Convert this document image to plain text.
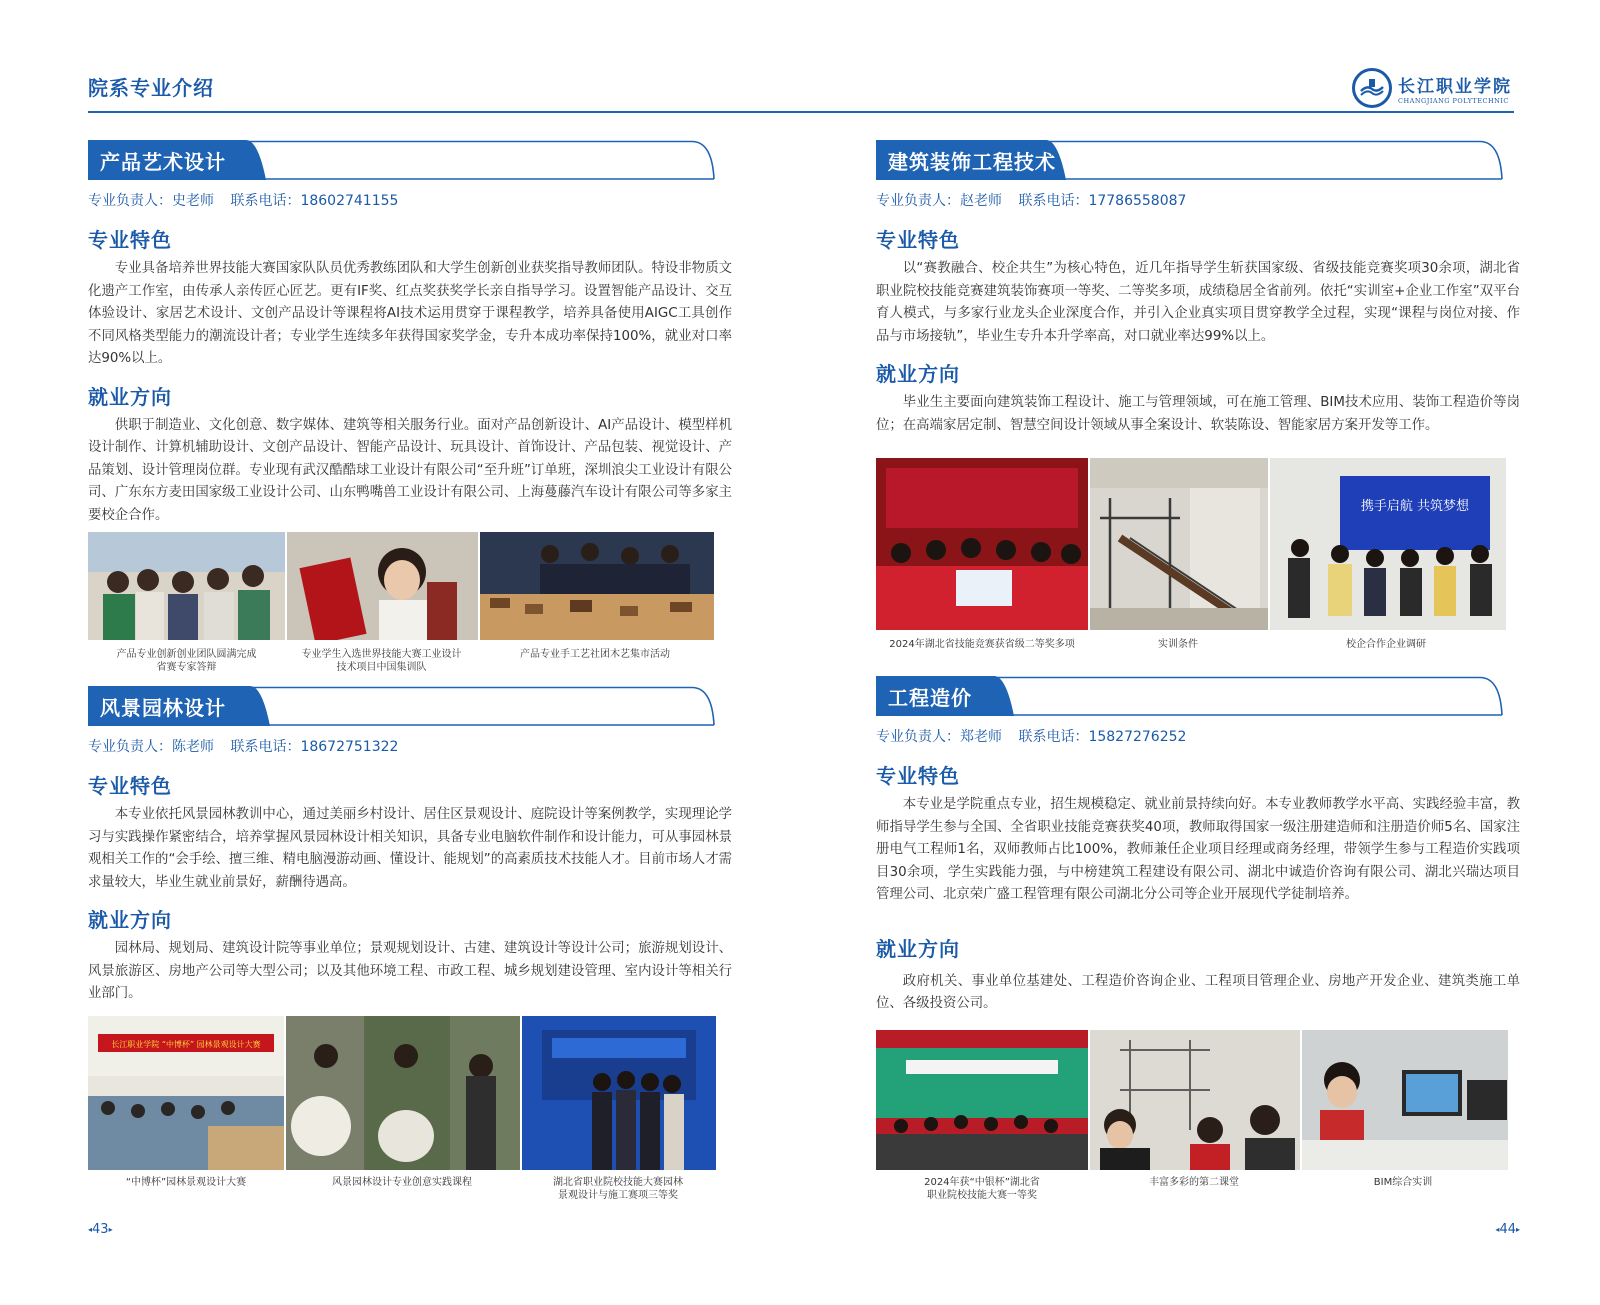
院系专业介绍	长江职业学院
CHANGJIANG POLYTECHNIC
产品艺术设计
专业负责人：史老师 联系电话：18602741155
专业特色
专业具备培养世界技能大赛国家队队员优秀教练团队和大学生创新创业获奖指导教师团队。特设非物质文化遗产工作室，由传承人亲传匠心匠艺。更有IF奖、红点奖获奖学长亲自指导学习。设置智能产品设计、交互体验设计、家居艺术设计、文创产品设计等课程将AI技术运用贯穿于课程教学，培养具备使用AIGC工具创作不同风格类型能力的潮流设计者；专业学生连续多年获得国家奖学金，专升本成功率保持100%，就业对口率达90%以上。
就业方向
供职于制造业、文化创意、数字媒体、建筑等相关服务行业。面对产品创新设计、AI产品设计、模型样机设计制作、计算机辅助设计、文创产品设计、智能产品设计、玩具设计、首饰设计、产品包装、视觉设计、产品策划、设计管理岗位群。专业现有武汉酷酷球工业设计有限公司“至升班”订单班，深圳浪尖工业设计有限公司、广东东方麦田国家级工业设计公司、山东鸭嘴兽工业设计有限公司、上海蔓藤汽车设计有限公司等多家主要校企合作。
产品专业创新创业团队圆满完成
省赛专家答辩
专业学生入选世界技能大赛工业设计
技术项目中国集训队
产品专业手工艺社团木艺集市活动
风景园林设计
专业负责人：陈老师 联系电话：18672751322
专业特色
本专业依托风景园林教训中心，通过美丽乡村设计、居住区景观设计、庭院设计等案例教学，实现理论学习与实践操作紧密结合，培养掌握风景园林设计相关知识，具备专业电脑软件制作和设计能力，可从事园林景观相关工作的“会手绘、擅三维、精电脑漫游动画、懂设计、能规划”的高素质技术技能人才。目前市场人才需求量较大，毕业生就业前景好，薪酬待遇高。
就业方向
园林局、规划局、建筑设计院等事业单位；景观规划设计、古建、建筑设计等设计公司；旅游规划设计、风景旅游区、房地产公司等大型公司；以及其他环境工程、市政工程、城乡规划建设管理、室内设计等相关行业部门。
长江职业学院 “中博杯” 园林景观设计大赛
“中博杯”园林景观设计大赛	风景园林设计专业创意实践课程	湖北省职业院校技能大赛园林
景观设计与施工赛项三等奖
◂43▸
建筑装饰工程技术
专业负责人：赵老师 联系电话：17786558087
专业特色
以“赛教融合、校企共生”为核心特色，近几年指导学生斩获国家级、省级技能竞赛奖项30余项，湖北省职业院校技能竞赛建筑装饰赛项一等奖、二等奖多项，成绩稳居全省前列。依托“实训室+企业工作室”双平台育人模式，与多家行业龙头企业深度合作，并引入企业真实项目贯穿教学全过程，实现“课程与岗位对接、作品与市场接轨”，毕业生专升本升学率高，对口就业率达99%以上。
就业方向
毕业生主要面向建筑装饰工程设计、施工与管理领域，可在施工管理、BIM技术应用、装饰工程造价等岗位；在高端家居定制、智慧空间设计领域从事全案设计、软装陈设、智能家居方案开发等工作。
携手启航 共筑梦想
2024年湖北省技能竞赛获省级二等奖多项	实训条件	校企合作企业调研
工程造价
专业负责人：郑老师 联系电话：15827276252
专业特色
本专业是学院重点专业，招生规模稳定、就业前景持续向好。本专业教师教学水平高、实践经验丰富，教师指导学生参与全国、全省职业技能竞赛获奖40项，教师取得国家一级注册建造师和注册造价师5名、国家注册电气工程师1名，双师教师占比100%，教师兼任企业项目经理或商务经理，带领学生参与工程造价实践项目30余项，学生实践能力强，与中榜建筑工程建设有限公司、湖北中诚造价咨询有限公司、湖北兴瑞达项目管理公司、北京荣广盛工程管理有限公司湖北分公司等企业开展现代学徒制培养。
就业方向
政府机关、事业单位基建处、工程造价咨询企业、工程项目管理企业、房地产开发企业、建筑类施工单位、各级投资公司。
2024年获“中银杯”湖北省
职业院校技能大赛一等奖
丰富多彩的第二课堂	BIM综合实训
◂44▸
